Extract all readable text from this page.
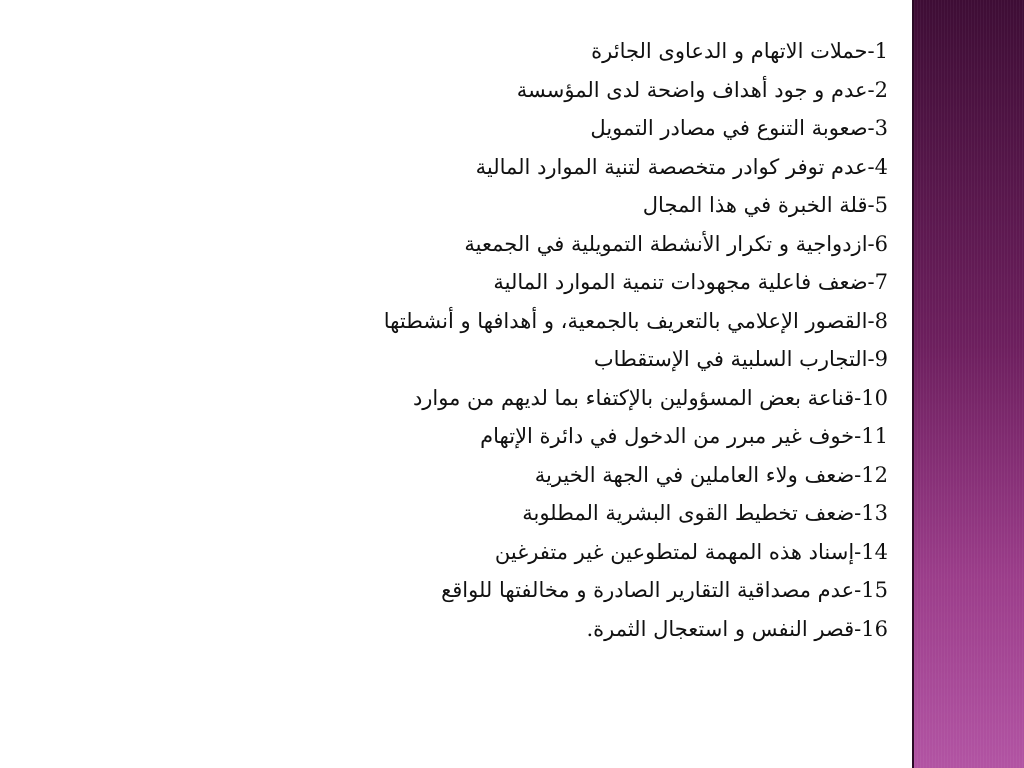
1-حملات الاتهام و الدعاوى الجائرة
2-عدم و جود أهداف واضحة لدى المؤسسة
3-صعوبة التنوع في مصادر التمويل
4-عدم توفر كوادر متخصصة لتنية الموارد المالية
5-قلة الخبرة في هذا المجال
6-ازدواجية و تكرار الأنشطة التمويلية في الجمعية
7-ضعف فاعلية مجهودات تنمية الموارد المالية
8-القصور الإعلامي بالتعريف بالجمعية، و أهدافها و أنشطتها
9-التجارب السلبية في الإستقطاب
10-قناعة بعض المسؤولين بالإكتفاء بما لديهم من موارد
11-خوف غير مبرر من الدخول في دائرة الإتهام
12-ضعف ولاء العاملين في الجهة الخيرية
13-ضعف تخطيط القوى البشرية المطلوبة
14-إسناد هذه المهمة لمتطوعين غير متفرغين
15-عدم مصداقية التقارير الصادرة و مخالفتها للواقع
16-قصر النفس و استعجال الثمرة.
